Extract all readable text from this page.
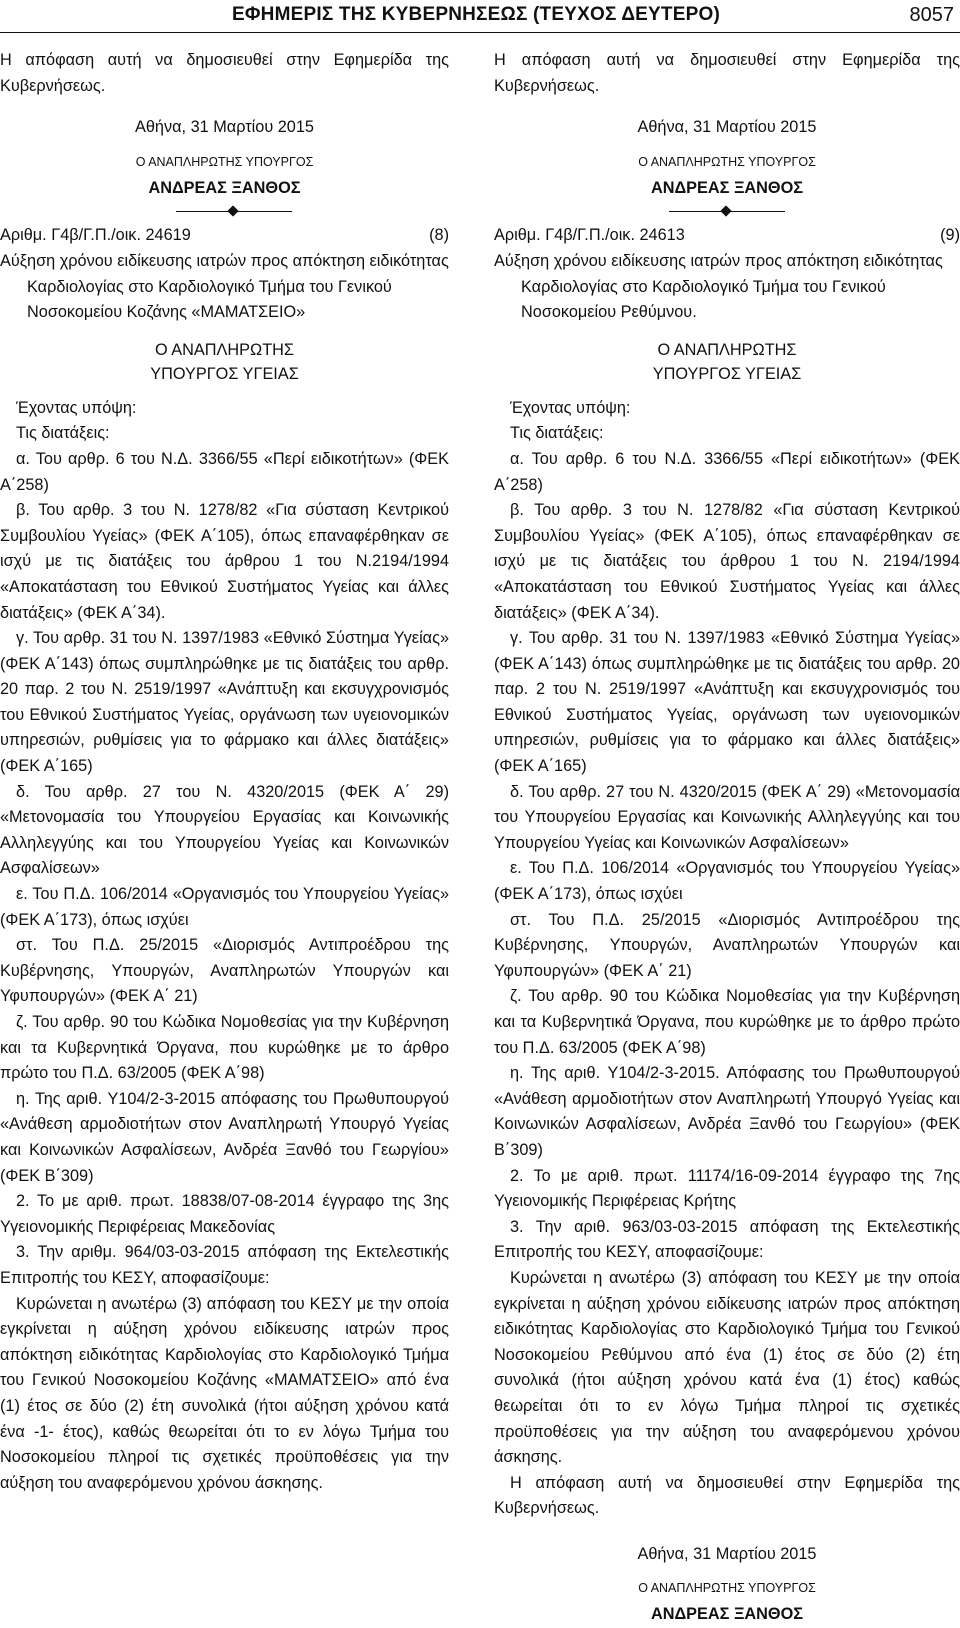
ΕΦΗΜΕΡΙΣ ΤΗΣ ΚΥΒΕΡΝΗΣΕΩΣ (ΤΕΥΧΟΣ ΔΕΥΤΕΡΟ)	8057

Η απόφαση αυτή να δημοσιευθεί στην Εφημερίδα της Κυβερνήσεως.

Αθήνα, 31 Μαρτίου 2015

Ο ΑΝΑΠΛΗΡΩΤΗΣ ΥΠΟΥΡΓΟΣ

ΑΝΔΡΕΑΣ ΞΑΝΘΟΣ

Αριθμ. Γ4β/Γ.Π./οικ. 24619	(8)

Αύξηση χρόνου ειδίκευσης ιατρών προς απόκτηση ειδικότητας Καρδιολογίας στο Καρδιολογικό Τμήμα του Γενικού Νοσοκομείου Κοζάνης «ΜΑΜΑΤΣΕΙΟ»

Ο ΑΝΑΠΛΗΡΩΤΗΣ
ΥΠΟΥΡΓΟΣ ΥΓΕΙΑΣ

Έχοντας υπόψη:

Τις διατάξεις:

α. Του αρθρ. 6 του Ν.Δ. 3366/55 «Περί ειδικοτήτων» (ΦΕΚ Α΄258)

β. Του αρθρ. 3 του Ν. 1278/82 «Για σύσταση Κεντρικού Συμβουλίου Υγείας» (ΦΕΚ Α΄105), όπως επαναφέρθηκαν σε ισχύ με τις διατάξεις του άρθρου 1 του Ν.2194/1994 «Αποκατάσταση του Εθνικού Συστήματος Υγείας και άλλες διατάξεις» (ΦΕΚ Α΄34).

γ. Του αρθρ. 31 του Ν. 1397/1983 «Εθνικό Σύστημα Υγείας» (ΦΕΚ Α΄143) όπως συμπληρώθηκε με τις διατάξεις του αρθρ. 20 παρ. 2 του Ν. 2519/1997 «Ανάπτυξη και εκσυγχρονισμός του Εθνικού Συστήματος Υγείας, οργάνωση των υγειονομικών υπηρεσιών, ρυθμίσεις για το φάρμακο και άλλες διατάξεις» (ΦΕΚ Α΄165)

δ. Του αρθρ. 27 του Ν. 4320/2015 (ΦΕΚ Α΄ 29) «Μετονομασία του Υπουργείου Εργασίας και Κοινωνικής Αλληλεγγύης και του Υπουργείου Υγείας και Κοινωνικών Ασφαλίσεων»

ε. Του Π.Δ. 106/2014 «Οργανισμός του Υπουργείου Υγείας» (ΦΕΚ Α΄173), όπως ισχύει

στ. Του Π.Δ. 25/2015 «Διορισμός Αντιπροέδρου της Κυβέρνησης, Υπουργών, Αναπληρωτών Υπουργών και Υφυπουργών» (ΦΕΚ Α΄ 21)

ζ. Του αρθρ. 90 του Κώδικα Νομοθεσίας για την Κυβέρνηση και τα Κυβερνητικά Όργανα, που κυρώθηκε με το άρθρο πρώτο του Π.Δ. 63/2005 (ΦΕΚ Α΄98)

η. Της αριθ. Υ104/2-3-2015 απόφασης του Πρωθυπουργού «Ανάθεση αρμοδιοτήτων στον Αναπληρωτή Υπουργό Υγείας και Κοινωνικών Ασφαλίσεων, Ανδρέα Ξανθό του Γεωργίου» (ΦΕΚ Β΄309)

2. Το με αριθ. πρωτ. 18838/07-08-2014 έγγραφο της 3ης Υγειονομικής Περιφέρειας Μακεδονίας

3. Την αριθμ. 964/03-03-2015 απόφαση της Εκτελεστικής Επιτροπής του ΚΕΣΥ, αποφασίζουμε:

Κυρώνεται η ανωτέρω (3) απόφαση του ΚΕΣΥ με την οποία εγκρίνεται η αύξηση χρόνου ειδίκευσης ιατρών προς απόκτηση ειδικότητας Καρδιολογίας στο Καρδιολογικό Τμήμα του Γενικού Νοσοκομείου Κοζάνης «ΜΑΜΑΤΣΕΙΟ» από ένα (1) έτος σε δύο (2) έτη συνολικά (ήτοι αύξηση χρόνου κατά ένα -1- έτος), καθώς θεωρείται ότι το εν λόγω Τμήμα του Νοσοκομείου πληροί τις σχετικές προϋποθέσεις για την αύξηση του αναφερόμενου χρόνου άσκησης.

Η απόφαση αυτή να δημοσιευθεί στην Εφημερίδα της Κυβερνήσεως.

Αθήνα, 31 Μαρτίου 2015

Ο ΑΝΑΠΛΗΡΩΤΗΣ ΥΠΟΥΡΓΟΣ

ΑΝΔΡΕΑΣ ΞΑΝΘΟΣ

Αριθμ. Γ4β/Γ.Π./οικ. 24613	(9)

Αύξηση χρόνου ειδίκευσης ιατρών προς απόκτηση ειδικότητας Καρδιολογίας στο Καρδιολογικό Τμήμα του Γενικού Νοσοκομείου Ρεθύμνου.

Ο ΑΝΑΠΛΗΡΩΤΗΣ
ΥΠΟΥΡΓΟΣ ΥΓΕΙΑΣ

Έχοντας υπόψη:

Τις διατάξεις:

α. Του αρθρ. 6 του Ν.Δ. 3366/55 «Περί ειδικοτήτων» (ΦΕΚ Α΄258)

β. Του αρθρ. 3 του Ν. 1278/82 «Για σύσταση Κεντρικού Συμβουλίου Υγείας» (ΦΕΚ Α΄105), όπως επαναφέρθηκαν σε ισχύ με τις διατάξεις του άρθρου 1 του Ν. 2194/1994 «Αποκατάσταση του Εθνικού Συστήματος Υγείας και άλλες διατάξεις» (ΦΕΚ Α΄34).

γ. Του αρθρ. 31 του Ν. 1397/1983 «Εθνικό Σύστημα Υγείας» (ΦΕΚ Α΄143) όπως συμπληρώθηκε με τις διατάξεις του αρθρ. 20 παρ. 2 του Ν. 2519/1997 «Ανάπτυξη και εκσυγχρονισμός του Εθνικού Συστήματος Υγείας, οργάνωση των υγειονομικών υπηρεσιών, ρυθμίσεις για το φάρμακο και άλλες διατάξεις» (ΦΕΚ Α΄165)

δ. Του αρθρ. 27 του Ν. 4320/2015 (ΦΕΚ Α΄ 29) «Μετονομασία του Υπουργείου Εργασίας και Κοινωνικής Αλληλεγγύης και του Υπουργείου Υγείας και Κοινωνικών Ασφαλίσεων»

ε. Του Π.Δ. 106/2014 «Οργανισμός του Υπουργείου Υγείας» (ΦΕΚ Α΄173), όπως ισχύει

στ. Του Π.Δ. 25/2015 «Διορισμός Αντιπροέδρου της Κυβέρνησης, Υπουργών, Αναπληρωτών Υπουργών και Υφυπουργών» (ΦΕΚ Α΄ 21)

ζ. Του αρθρ. 90 του Κώδικα Νομοθεσίας για την Κυβέρνηση και τα Κυβερνητικά Όργανα, που κυρώθηκε με το άρθρο πρώτο του Π.Δ. 63/2005 (ΦΕΚ Α΄98)

η. Της αριθ. Υ104/2-3-2015. Απόφασης του Πρωθυπουργού «Ανάθεση αρμοδιοτήτων στον Αναπληρωτή Υπουργό Υγείας και Κοινωνικών Ασφαλίσεων, Ανδρέα Ξανθό του Γεωργίου» (ΦΕΚ Β΄309)

2. Το με αριθ. πρωτ. 11174/16-09-2014 έγγραφο της 7ης Υγειονομικής Περιφέρειας Κρήτης

3. Την αριθ. 963/03-03-2015 απόφαση της Εκτελεστικής Επιτροπής του ΚΕΣΥ, αποφασίζουμε:

Κυρώνεται η ανωτέρω (3) απόφαση του ΚΕΣΥ με την οποία εγκρίνεται η αύξηση χρόνου ειδίκευσης ιατρών προς απόκτηση ειδικότητας Καρδιολογίας στο Καρδιολογικό Τμήμα του Γενικού Νοσοκομείου Ρεθύμνου από ένα (1) έτος σε δύο (2) έτη συνολικά (ήτοι αύξηση χρόνου κατά ένα (1) έτος) καθώς θεωρείται ότι το εν λόγω Τμήμα πληροί τις σχετικές προϋποθέσεις για την αύξηση του αναφερόμενου χρόνου άσκησης.

Η απόφαση αυτή να δημοσιευθεί στην Εφημερίδα της Κυβερνήσεως.

Αθήνα, 31 Μαρτίου 2015

Ο ΑΝΑΠΛΗΡΩΤΗΣ ΥΠΟΥΡΓΟΣ

ΑΝΔΡΕΑΣ ΞΑΝΘΟΣ
